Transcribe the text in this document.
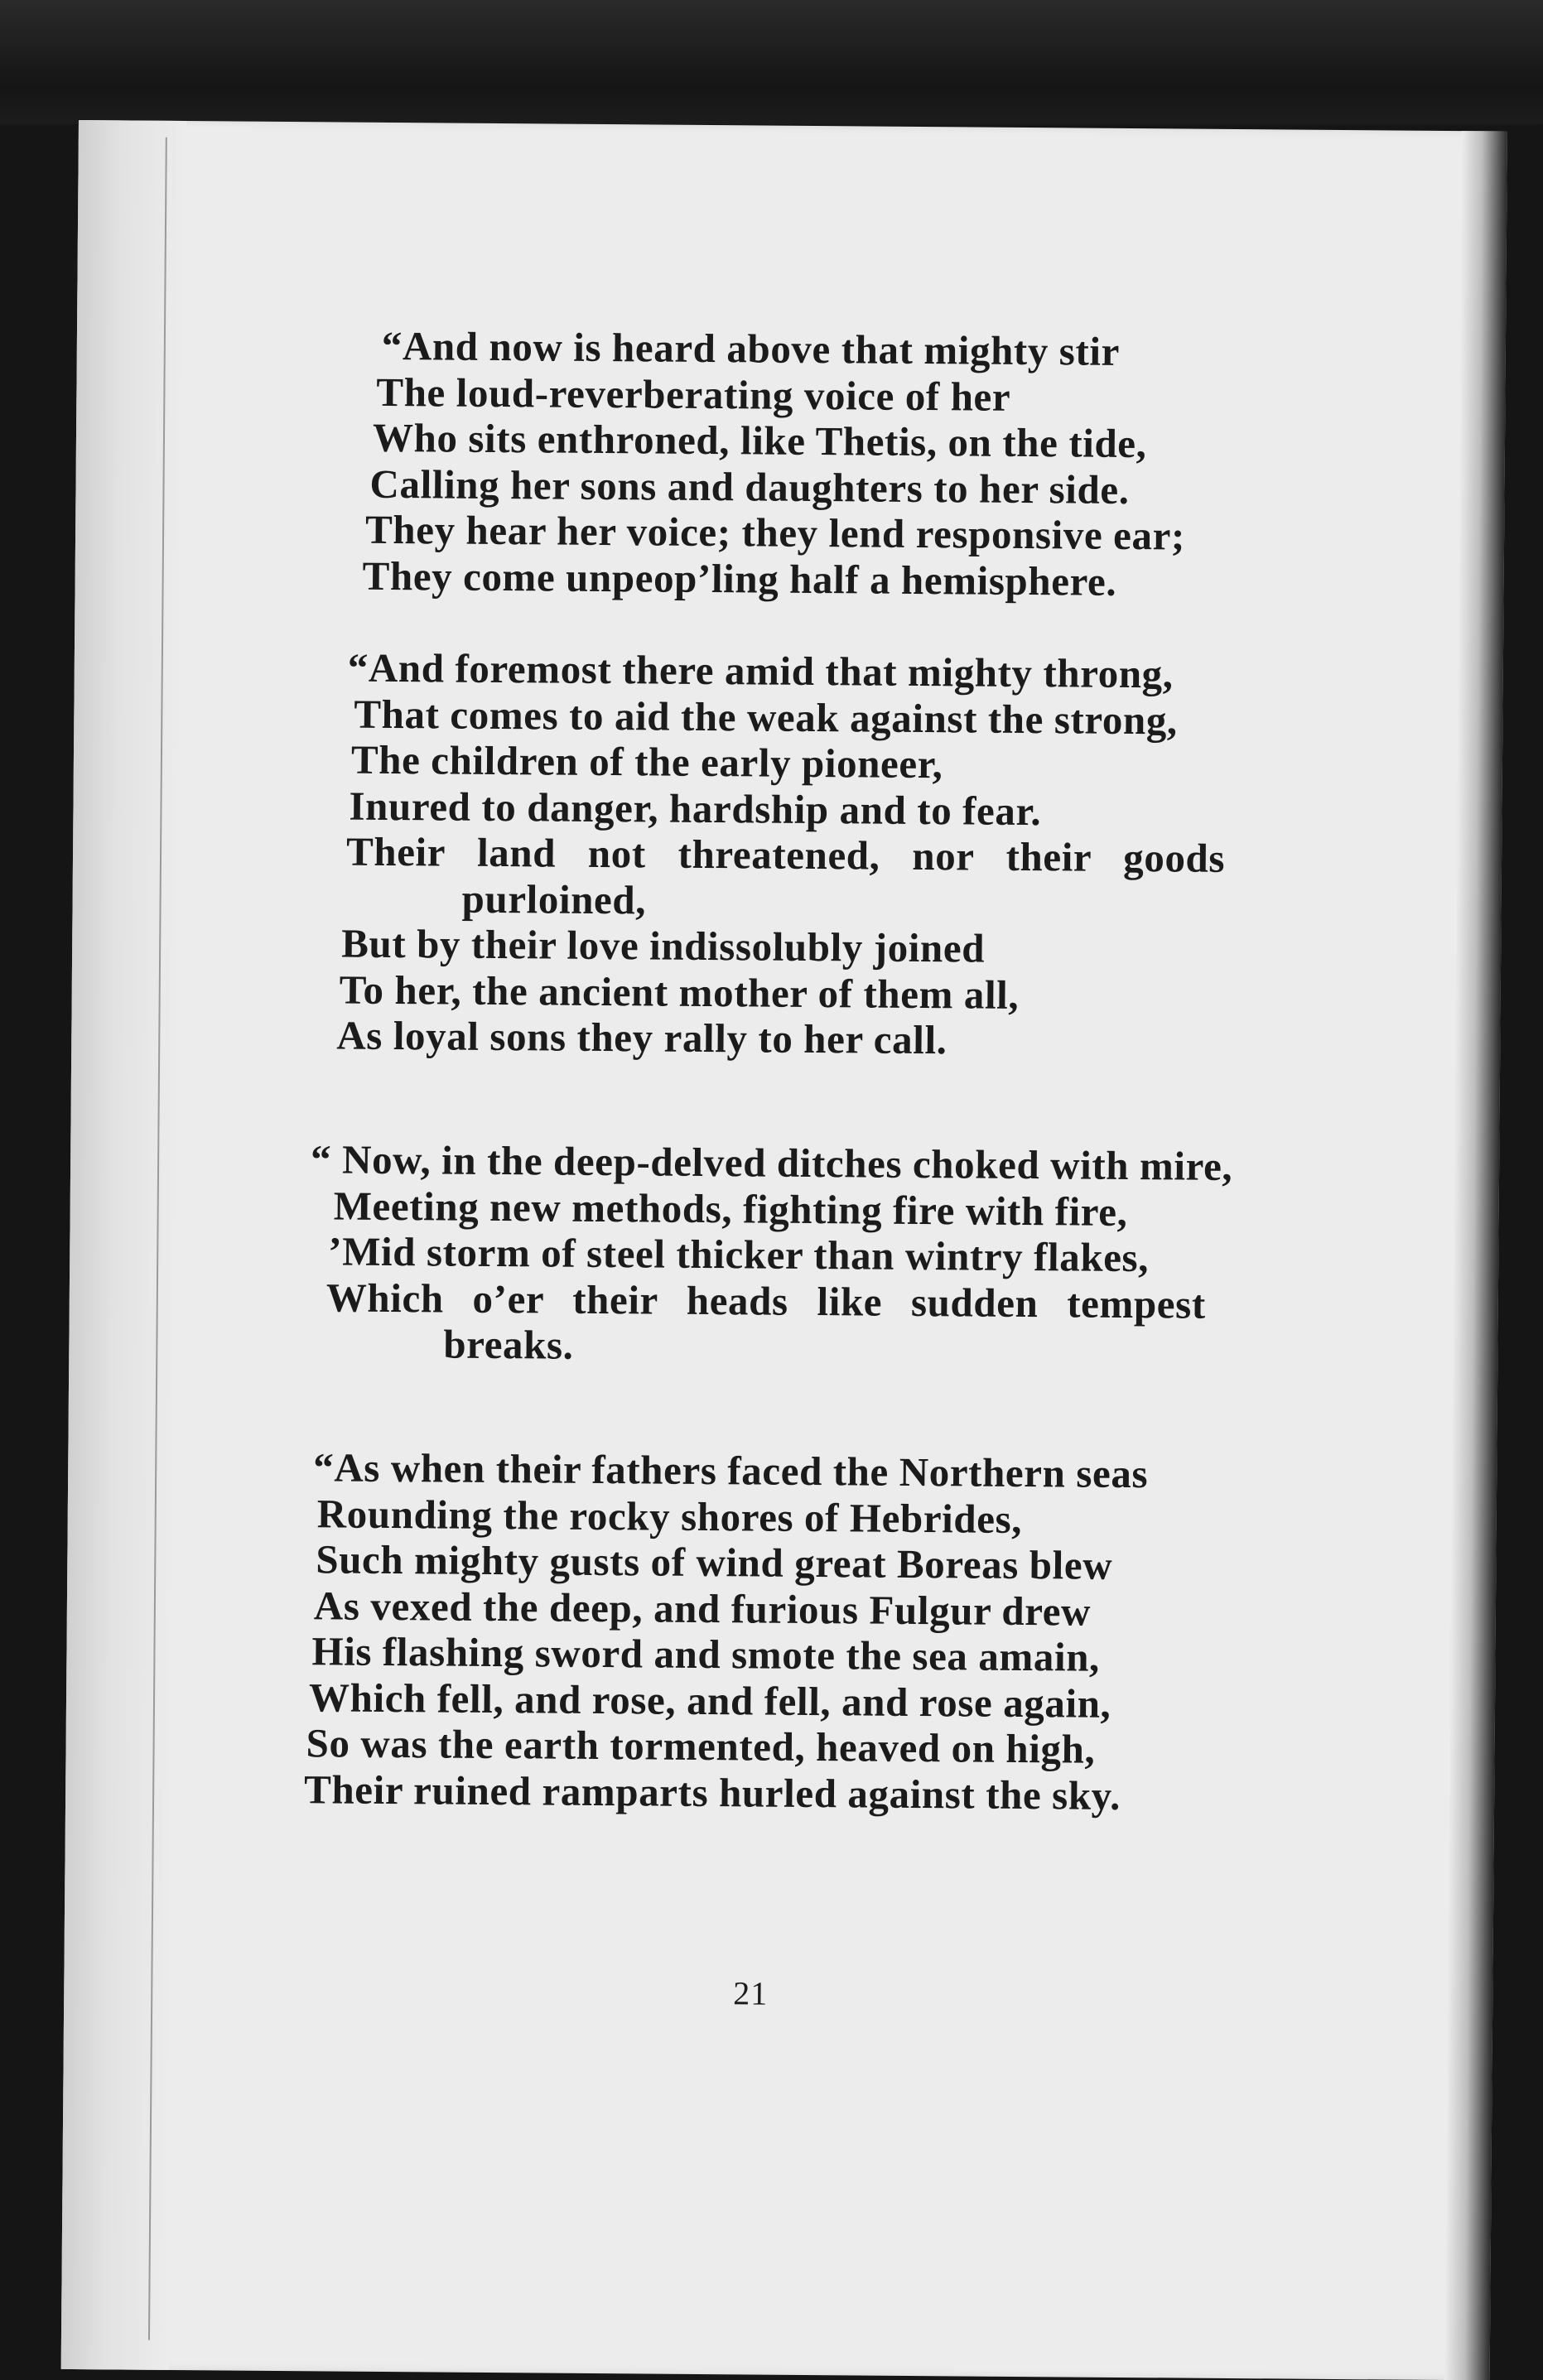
“And now is heard above that mighty stir
The loud-reverberating voice of her
Who sits enthroned, like Thetis, on the tide,
Calling her sons and daughters to her side.
They hear her voice; they lend responsive ear;
They come unpeop’ling half a hemisphere.
“And foremost there amid that mighty throng,
That comes to aid the weak against the strong,
The children of the early pioneer,
Inured to danger, hardship and to fear.
Their land not threatened, nor their goods
purloined,
But by their love indissolubly joined
To her, the ancient mother of them all,
As loyal sons they rally to her call.
“ Now, in the deep-delved ditches choked with mire,
Meeting new methods, fighting fire with fire,
’Mid storm of steel thicker than wintry flakes,
Which o’er their heads like sudden tempest
breaks.
“As when their fathers faced the Northern seas
Rounding the rocky shores of Hebrides,
Such mighty gusts of wind great Boreas blew
As vexed the deep, and furious Fulgur drew
His flashing sword and smote the sea amain,
Which fell, and rose, and fell, and rose again,
So was the earth tormented, heaved on high,
Their ruined ramparts hurled against the sky.
21
